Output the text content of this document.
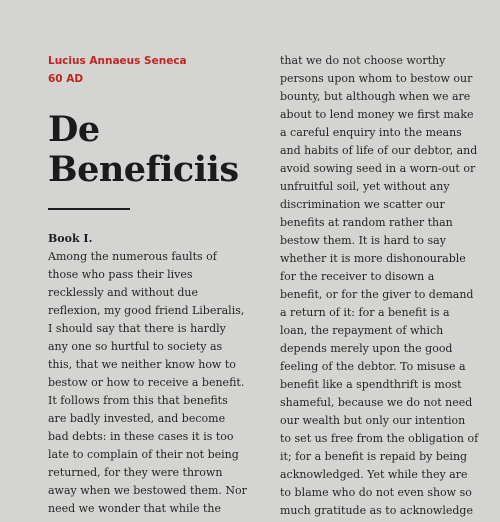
Lucius Annaeus Seneca
60 AD
De
Beneficiis
Book I.
Among the numerous faults of
those who pass their lives
recklessly and without due
reflexion, my good friend Liberalis,
I should say that there is hardly
any one so hurtful to society as
this, that we neither know how to
bestow or how to receive a benefit.
It follows from this that benefits
are badly invested, and become
bad debts: in these cases it is too
late to complain of their not being
returned, for they were thrown
away when we bestowed them. Nor
need we wonder that while the
that we do not choose worthy
persons upon whom to bestow our
bounty, but although when we are
about to lend money we first make
a careful enquiry into the means
and habits of life of our debtor, and
avoid sowing seed in a worn-out or
unfruitful soil, yet without any
discrimination we scatter our
benefits at random rather than
bestow them. It is hard to say
whether it is more dishonourable
for the receiver to disown a
benefit, or for the giver to demand
a return of it: for a benefit is a
loan, the repayment of which
depends merely upon the good
feeling of the debtor. To misuse a
benefit like a spendthrift is most
shameful, because we do not need
our wealth but only our intention
to set us free from the obligation of
it; for a benefit is repaid by being
acknowledged. Yet while they are
to blame who do not even show so
much gratitude as to acknowledge
